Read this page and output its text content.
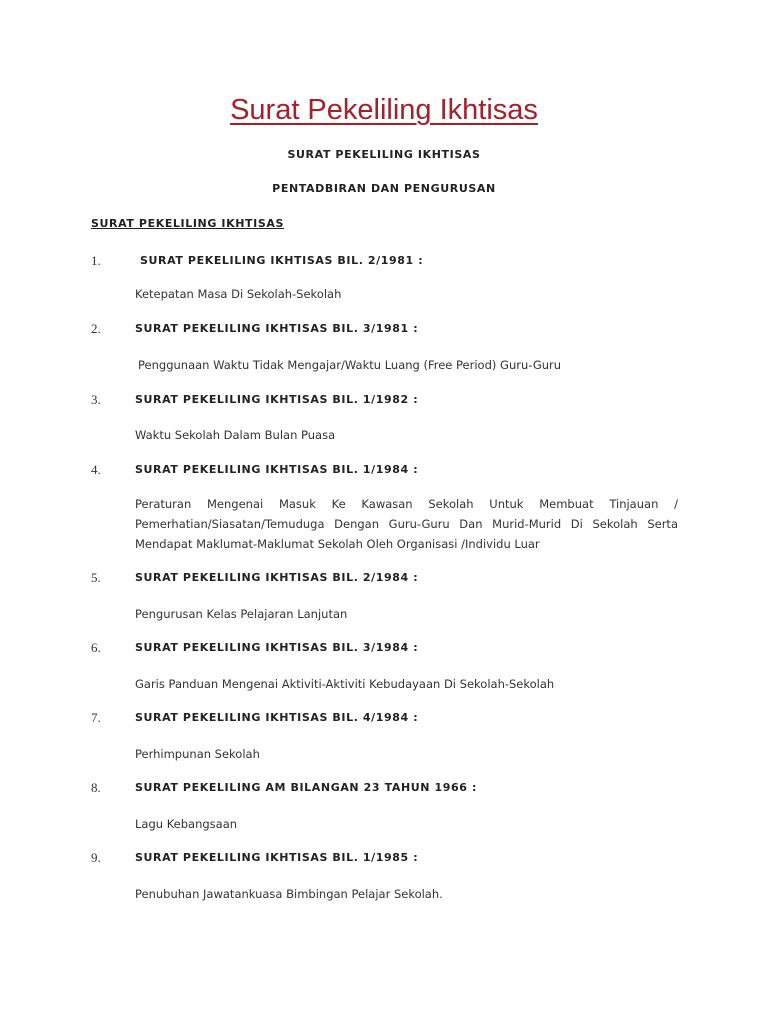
Surat Pekeliling Ikhtisas
SURAT PEKELILING IKHTISAS
PENTADBIRAN DAN PENGURUSAN
SURAT PEKELILING IKHTISAS
1.	SURAT PEKELILING IKHTISAS BIL. 2/1981 :
Ketepatan Masa Di Sekolah-Sekolah
2.	SURAT PEKELILING IKHTISAS BIL. 3/1981 :
Penggunaan Waktu Tidak Mengajar/Waktu Luang (Free Period) Guru-Guru
3.	SURAT PEKELILING IKHTISAS BIL. 1/1982 :
Waktu Sekolah Dalam Bulan Puasa
4.	SURAT PEKELILING IKHTISAS BIL. 1/1984 :
Peraturan Mengenai Masuk Ke Kawasan Sekolah Untuk Membuat Tinjauan / Pemerhatian/Siasatan/Temuduga Dengan Guru-Guru Dan Murid-Murid Di Sekolah Serta Mendapat Maklumat-Maklumat Sekolah Oleh Organisasi /Individu Luar
5.	SURAT PEKELILING IKHTISAS BIL. 2/1984 :
Pengurusan Kelas Pelajaran Lanjutan
6.	SURAT PEKELILING IKHTISAS BIL. 3/1984 :
Garis Panduan Mengenai Aktiviti-Aktiviti Kebudayaan Di Sekolah-Sekolah
7.	SURAT PEKELILING IKHTISAS BIL. 4/1984 :
Perhimpunan Sekolah
8.	SURAT PEKELILING AM BILANGAN 23 TAHUN 1966 :
Lagu Kebangsaan
9.	SURAT PEKELILING IKHTISAS BIL. 1/1985 :
Penubuhan Jawatankuasa Bimbingan Pelajar Sekolah.
